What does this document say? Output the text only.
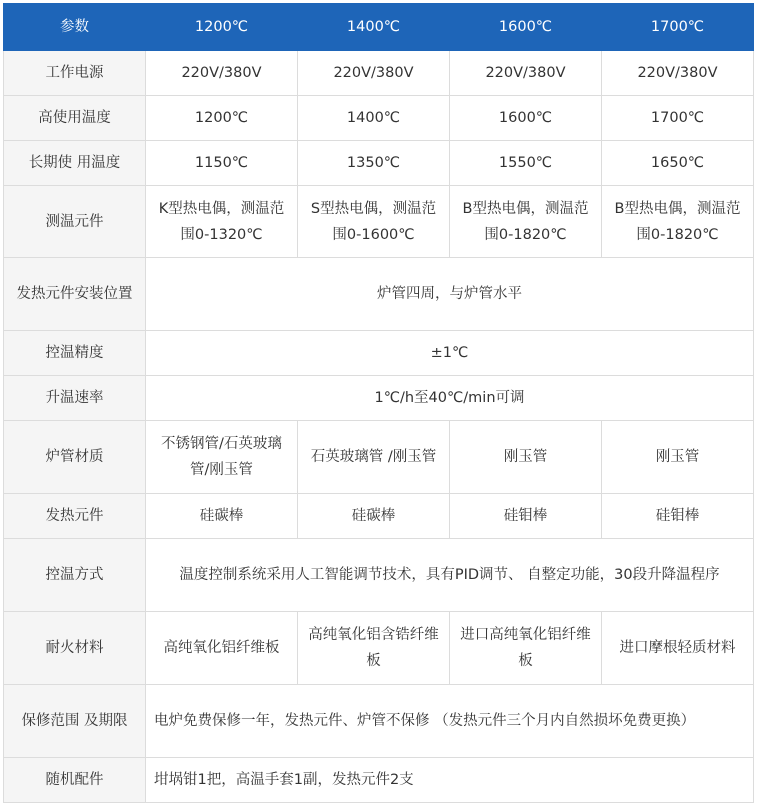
参数	1200℃	1400℃	1600℃	1700℃
工作电源	220V/380V	220V/380V	220V/380V	220V/380V
高使用温度	1200℃	1400℃	1600℃	1700℃
长期使 用温度	1150℃	1350℃	1550℃	1650℃
测温元件	K型热电偶，测温范围0-1320℃	S型热电偶，测温范围0-1600℃	B型热电偶，测温范围0-1820℃	B型热电偶，测温范围0-1820℃
发热元件安装位置	炉管四周，与炉管水平			
控温精度	±1℃			
升温速率	1℃/h至40℃/min可调			
炉管材质	不锈钢管/石英玻璃管/刚玉管	石英玻璃管 /刚玉管	刚玉管	刚玉管
发热元件	硅碳棒	硅碳棒	硅钼棒	硅钼棒
控温方式	温度控制系统采用人工智能调节技术，具有PID调节、 自整定功能，30段升降温程序			
耐火材料	高纯氧化铝纤维板	高纯氧化铝含锆纤维板	进口高纯氧化铝纤维板	进口摩根轻质材料
保修范围 及期限	电炉免费保修一年，发热元件、炉管不保修 （发热元件三个月内自然损坏免费更换）			
随机配件	坩埚钳1把，高温手套1副，发热元件2支			
